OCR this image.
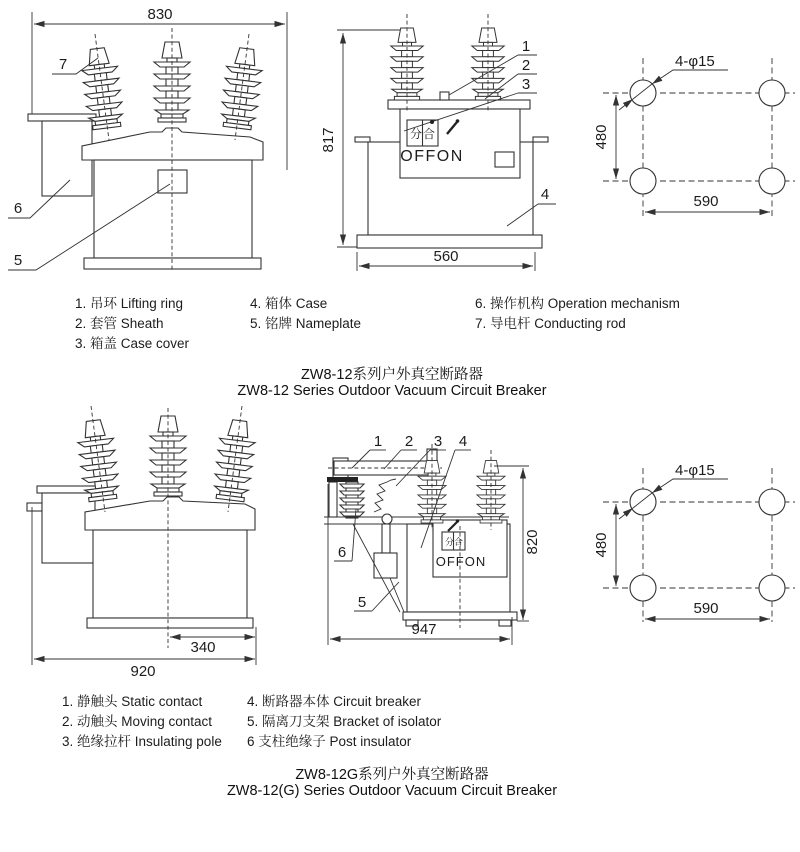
830
7
6
5
817	分合
OFFON
1
2
3
4
560
4-φ15
480
590
340
920
分合
OFFON
1 2 3 4
6
5
820
947
4-φ15
480
590
1. 吊环 Lifting ring
2. 套管 Sheath
3. 箱盖 Case cover
4. 箱体 Case
5. 铭牌 Nameplate
6. 操作机构 Operation mechanism
7. 导电杆 Conducting rod
ZW8-12系列户外真空断路器
ZW8-12 Series Outdoor Vacuum Circuit Breaker
1. 静触头 Static contact
2. 动触头 Moving contact
3. 绝缘拉杆 Insulating pole
4. 断路器本体 Circuit breaker
5. 隔离刀支架 Bracket of isolator
6 支柱绝缘子 Post insulator
ZW8-12G系列户外真空断路器
ZW8-12(G) Series Outdoor Vacuum Circuit Breaker
